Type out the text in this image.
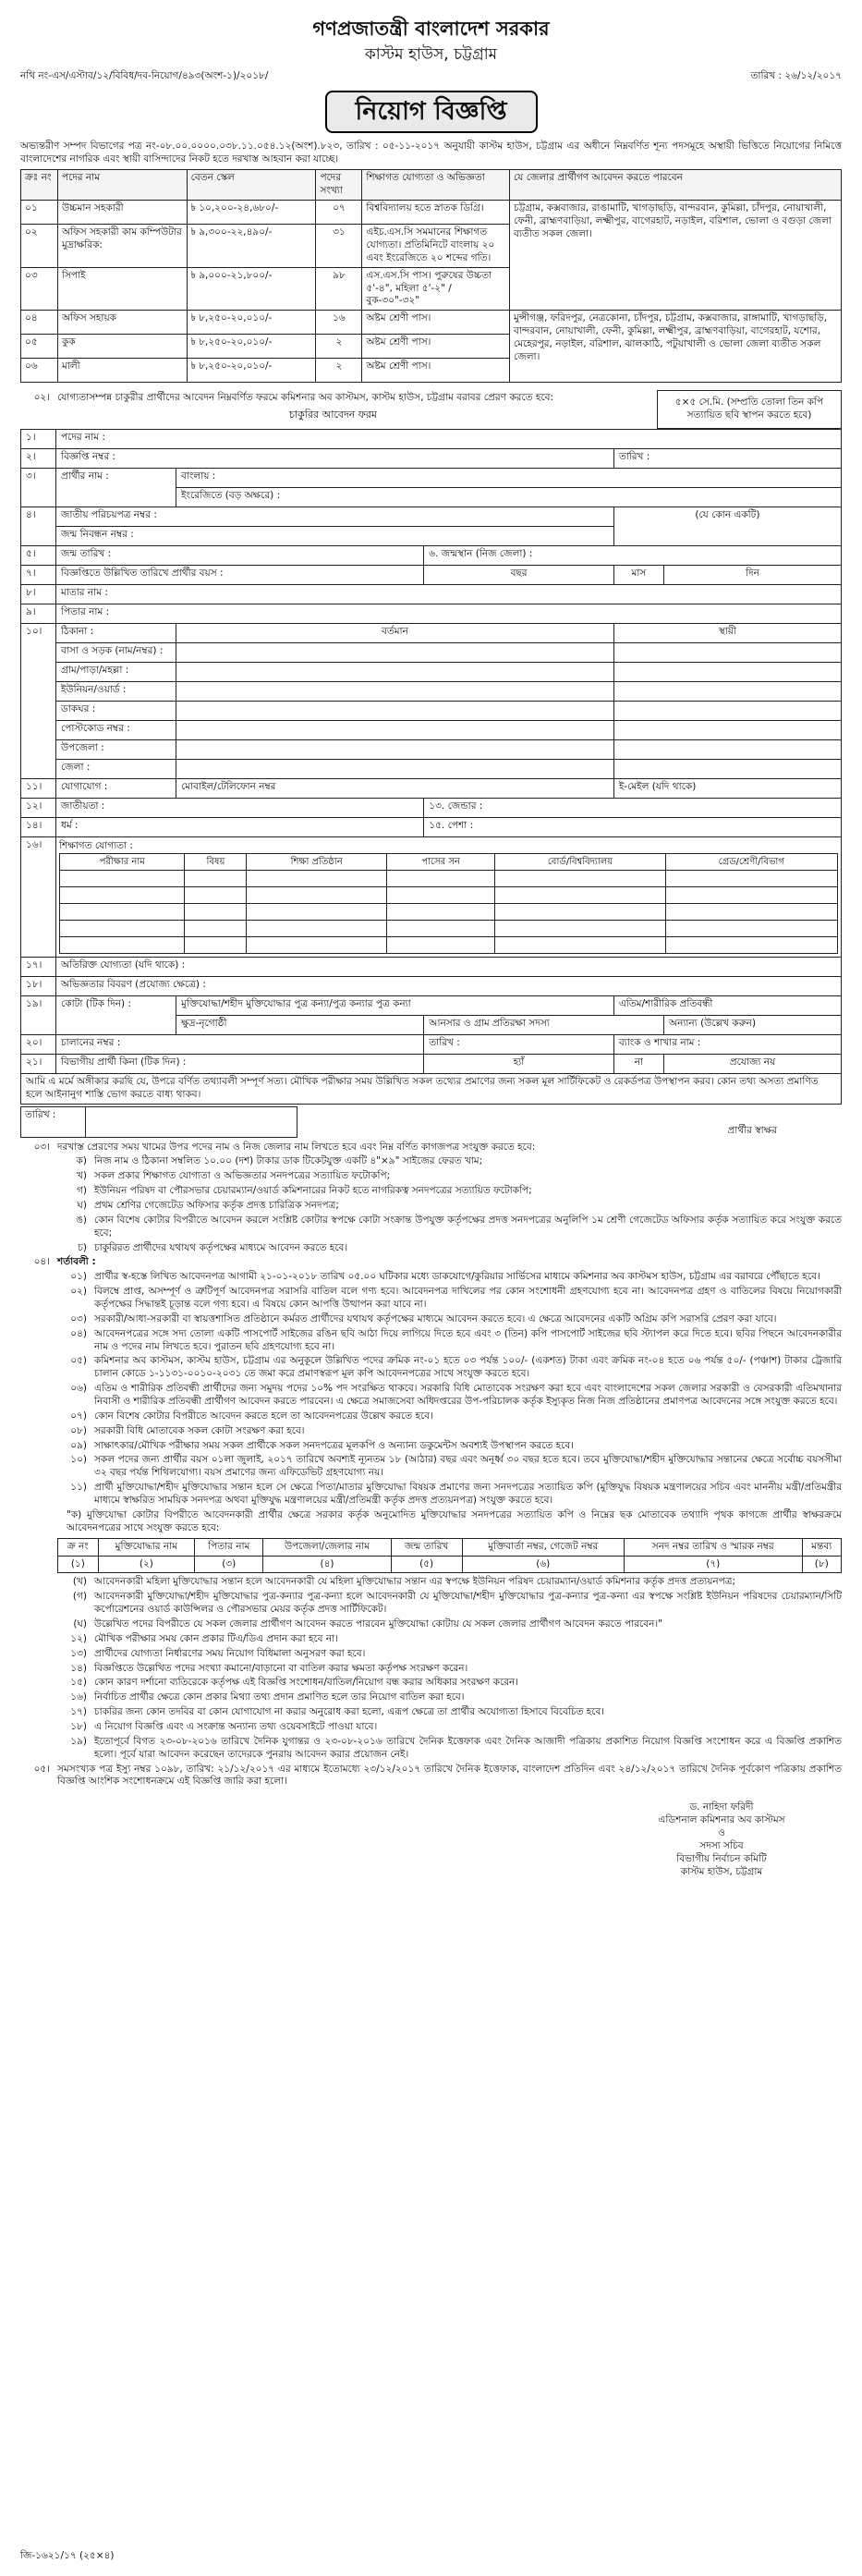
গণপ্রজাতন্ত্রী বাংলাদেশ সরকার
কাস্টম হাউস, চট্টগ্রাম
নথি নং-এস/এস্টাব/১২/বিবিধ/দব-নিয়োগ/৪৯৩(অংশ-১)/২০১৮/	তারিখ : ২৬/১২/২০১৭
নিয়োগ বিজ্ঞপ্তি
অভ্যন্তরীণ সম্পদ বিভাগের পত্র নং-০৮.০০.০০০০.০৩৮.১১.০৫৪.১২(অংশ).৮২৩, তারিখ : ০৫-১১-২০১৭ অনুযায়ী কাস্টম হাউস, চট্টগ্রাম এর অধীনে নিম্নবর্ণিত শূন্য পদসমূহে অস্থায়ী ভিত্তিতে নিয়োগের নিমিত্তে বাংলাদেশের নাগরিক এবং স্থায়ী বাসিন্দাদের নিকট হতে দরখাস্ত আহবান করা যাচ্ছে।
ক্রঃ নং	পদের নাম	বেতন স্কেল	পদের সংখ্যা	শিক্ষাগত যোগ্যতা ও অভিজ্ঞতা	যে জেলার প্রার্থীগণ আবেদন করতে পারবেন
০১	উচ্চমান সহকারী	৳ ১০,২০০-২৪,৬৮০/-	০৭	বিশ্ববিদ্যালয় হতে স্নাতক ডিগ্রি।	চট্টগ্রাম, কক্সবাজার, রাঙামাটি, খাগড়াছড়ি, বান্দরবান, কুমিল্লা, চাঁদপুর, নোয়াখালী, ফেনী, ব্রাহ্মণবাড়িয়া, লক্ষ্মীপুর, বাগেরহাট, নড়াইল, বরিশাল, ভোলা ও বগুড়া জেলা ব্যতীত সকল জেলা।
০২	অফিস সহকারী কাম কম্পিউটার মুদ্রাক্ষরিক:	৳ ৯,৩০০-২২,৪৯০/-	৩১	এইচ.এস.সি সমমানের শিক্ষাগত যোগ্যতা। প্রতিমিনিটে বাংলায় ২০ এবং ইংরেজিতে ২০ শব্দের গতি।	
০৩	সিপাই	৳ ৯,০০০-২১,৮০০/-	৯৮	এস.এস.সি পাস। পুরুষের উচ্চতা ৫'-৪", মহিলা ৫'-২" / বুক-৩০"-৩২"	
০৪	অফিস সহায়ক	৳ ৮,২৫০-২০,০১০/-	১৬	অষ্টম শ্রেণী পাস।	মুন্সীগঞ্জ, ফরিদপুর, নেত্রকোনা, চাঁদপুর, চট্টগ্রাম, কক্সবাজার, রাঙ্গামাটি, খাগড়াছড়ি, বান্দরবান, নোয়াখালী, ফেনী, কুমিল্লা, লক্ষ্মীপুর, ব্রাহ্মণবাড়িয়া, বাগেরহাট, যশোর, মেহেরপুর, নড়াইল, বরিশাল, ঝালকাঠি, পটুয়াখালী ও ভোলা জেলা ব্যতীত সকল জেলা।
০৫	কুক	৳ ৮,২৫০-২০,০১০/-	২	অষ্টম শ্রেণী পাস।	
০৬	মালী	৳ ৮,২৫০-২০,০১০/-	২	অষ্টম শ্রেণী পাস।	
০২। যোগ্যতাসম্পন্ন চাকুরীর প্রার্থীদের আবেদন নিম্নবর্ণিত ফরমে কমিশনার অব কাস্টমস, কাস্টম হাউস, চট্টগ্রাম বরাবর প্রেরণ করতে হবে:
চাকুরির আবেদন ফরম
৫×৫ সে.মি. (সম্প্রতি তোলা তিন কপি সত্যায়িত ছবি স্থাপন করতে হবে)
১।	পদের নাম :
২।	বিজ্ঞপ্তি নম্বর :	তারিখ :
৩।	প্রার্থীর নাম :	বাংলায় :
ইংরেজিতে (বড় অক্ষরে) :
৪।	জাতীয় পরিচয়পত্র নম্বর :	(যে কোন একটি)
জন্ম নিবন্ধন নম্বর :
৫।	জন্ম তারিখ :	৬. জন্মস্থান (নিজ জেলা) :
৭।	বিজ্ঞপ্তিতে উল্লিখিত তারিখে প্রার্থীর বয়স :	বছর	মাস	দিন
৮।	মাতার নাম :
৯।	পিতার নাম :
১০।	ঠিকানা :	বর্তমান	স্থায়ী
বাসা ও সড়ক (নাম/নম্বর) :		
গ্রাম/পাড়া/মহল্লা :		
ইউনিয়ন/ওয়ার্ড :		
ডাকঘর :		
পোস্টকোড নম্বর :		
উপজেলা :		
জেলা :		
১১।	যোগাযোগ :	মোবাইল/টেলিফোন নম্বর	ই-মেইল (যদি থাকে)
১২।	জাতীয়তা :	১৩. জেন্ডার :
১৪।	ধর্ম :	১৫. পেশা :
১৬।	শিক্ষাগত যোগ্যতা :
পরীক্ষার নাম	বিষয়	শিক্ষা প্রতিষ্ঠান	পাসের সন	বোর্ড/বিশ্ববিদ্যালয়	গ্রেড/শ্রেণী/বিভাগ

১৭।	অতিরিক্ত যোগ্যতা (যদি থাকে) :
১৮।	অভিজ্ঞতার বিবরণ (প্রযোজ্য ক্ষেত্রে) :
১৯।	কোটা (টিক দিন) :	মুক্তিযোদ্ধা/শহীদ মুক্তিযোদ্ধার পুত্র কন্যা/পুত্র কন্যার পুত্র কন্যা	এতিম/শারীরিক প্রতিবন্ধী
ক্ষুদ্র-নৃগোষ্ঠী	আনসার ও গ্রাম প্রতিরক্ষা সদস্য	অন্যান্য (উল্লেখ করুন)
২০।	চালানের নম্বর :	তারিখ :	ব্যাংক ও শাখার নাম :
২১।	বিভাগীয় প্রার্থী কিনা (টিক দিন) :	হ্যাঁ	না	প্রযোজ্য নয়
আমি এ মর্মে অঙ্গীকার করছি যে, উপরে বর্ণিত তথ্যাবলী সম্পূর্ণ সত্য। মৌখিক পরীক্ষার সময় উল্লিখিত সকল তথ্যের প্রমাণের জন্য সকল মূল সার্টিফিকেট ও রেকর্ডপত্র উপস্থাপন করব। কোন তথ্য অসত্য প্রমাণিত হলে আইনানুগ শাস্তি ভোগ করতে বাধ্য থাকব।
তারিখ :	
প্রার্থীর স্বাক্ষর
০৩। দরখাস্ত প্রেরণের সময় খামের উপর পদের নাম ও নিজ জেলার নাম লিখতে হবে এবং নিম্ন বর্ণিত কাগজপত্র সংযুক্ত করতে হবে:
ক) নিজ নাম ও ঠিকানা সম্বলিত ১০.০০ (দশ) টাকার ডাক টিকেটযুক্ত একটি ৪"×৯" সাইজের ফেরত খাম;
খ) সকল প্রকার শিক্ষাগত যোগ্যতা ও অভিজ্ঞতার সনদপত্রের সত্যায়িত ফটোকপি;
গ) ইউনিয়ন পরিষদ বা পৌরসভার চেয়ারম্যান/ওয়ার্ড কমিশনারের নিকট হতে নাগরিকত্ব সনদপত্রের সত্যায়িত ফটোকপি;
ঘ) প্রথম শ্রেণির গেজেটেড অফিসার কর্তৃক প্রদত্ত চারিত্রিক সনদপত্র;
ঙ) কোন বিশেষ কোটার বিপরীতে আবেদন করলে সংশ্লিষ্ট কোটার স্বপক্ষে কোটা সংক্রান্ত উপযুক্ত কর্তৃপক্ষের প্রদত্ত সনদপত্রের অনুলিপি ১ম শ্রেণী গেজেটেড অফিসার কর্তৃক সত্যায়িত করে সংযুক্ত করতে হবে;
চ) চাকুরিরত প্রার্থীদের যথাযথ কর্তৃপক্ষের মাধ্যমে আবেদন করতে হবে।
০৪। শর্তাবলী :
০১) প্রার্থীর স্ব-হস্তে লিখিত আবেদনপত্র আগামী ২১-০১-২০১৮ তারিখ ০৫.০০ ঘটিকার মধ্যে ডাকযোগে/কুরিয়ার সার্ভিসের মাধ্যমে কমিশনার অব কাস্টমস হাউস, চট্টগ্রাম এর বরাবরে পৌঁছাতে হবে।
০২) বিলম্বে প্রাপ্ত, অসম্পূর্ণ ও ত্রুটিপূর্ণ আবেদনপত্র সরাসরি বাতিল বলে গণ্য হবে। আবেদনপত্র দাখিলের পর কোন সংশোধনী গ্রহণযোগ্য হবে না। আবেদনপত্র গ্রহণ ও বাতিলের বিষয়ে নিয়োগকারী কর্তৃপক্ষের সিদ্ধান্তই চূড়ান্ত বলে গণ্য হবে। এ বিষয়ে কোন আপত্তি উত্থাপন করা যাবে না।
০৩) সরকারী/আধা-সরকারী বা স্বায়ত্তশাসিত প্রতিষ্ঠানে কর্মরত প্রার্থীদের যথাযথ কর্তৃপক্ষের মাধ্যমে আবেদন করতে হবে। এ ক্ষেত্রে আবেদনের একটি অগ্রিম কপি সরাসরি প্রেরণ করা যাবে।
০৪) আবেদনপত্রের সঙ্গে সদ্য তোলা একটি পাসপোর্ট সাইজের রঙিন ছবি আঠা দিয়ে লাগিয়ে দিতে হবে এবং ৩ (তিন) কপি পাসপোর্ট সাইজের ছবি স্ট্যাপল করে দিতে হবে। ছবির পিছনে আবেদনকারীর নাম ও পদের নাম লিখতে হবে। পুরাতন ছবি গ্রহণযোগ্য হবে না।
০৫) কমিশনার অব কাস্টমস, কাস্টম হাউস, চট্টগ্রাম এর অনুকূলে উল্লিখিত পদের ক্রমিক নং-০১ হতে ০৩ পর্যন্ত ১০০/- (একশত) টাকা এবং ক্রমিক নং-০৪ হতে ০৬ পর্যন্ত ৫০/- (পঞ্চাশ) টাকার ট্রেজারি চালান কোডে ১-১১৩১-০০১০-২০৩১ তে জমা করে প্রমাণস্বরূপ মূল কপি আবেদনপত্রের সাথে সংযুক্ত করতে হবে।
০৬) এতিম ও শারীরিক প্রতিবন্ধী প্রার্থীদের জন্য সমুদয় পদের ১০% পদ সংরক্ষিত থাকবে। সরকারি বিধি মোতাবেক সংরক্ষণ করা হবে এবং বাংলাদেশের সকল জেলার সরকারী ও বেসরকারী এতিমখানার নিবাসী ও শারীরিক প্রতিবন্ধী প্রার্থীগণ আবেদন করতে পারবেন। এ ক্ষেত্রে সমাজসেবা অধিদপ্তরের উপ-পরিচালক কর্তৃক ইস্যুকৃত নিজ নিজ প্রতিষ্ঠানের প্রমাণপত্র আবেদনের সঙ্গে সংযুক্ত করতে হবে।
০৭) কোন বিশেষ কোটার বিপরীতে আবেদন করতে হলে তা আবেদনপত্রের উল্লেখ করতে হবে।
০৮) সরকারী বিধি মোতাবেক সকল কোটা সংরক্ষণ করা হবে।
০৯) সাক্ষাৎকার/মৌখিক পরীক্ষার সময় সকল প্রার্থীকে সকল সনদপত্রের মূলকপি ও অন্যান্য ডকুমেন্টস অবশ্যই উপস্থাপন করতে হবে।
১০) সকল পদের জন্য প্রার্থীর বয়স ০১লা জুলাই, ২০১৭ তারিখে অবশ্যই ন্যূনতম ১৮ (আঠার) বছর এবং অনূর্ধ্ব ৩০ বছর হতে হবে। তবে মুক্তিযোদ্ধা/শহীদ মুক্তিযোদ্ধার সন্তানের ক্ষেত্রে সর্বোচ্চ বয়সসীমা ৩২ বছর পর্যন্ত শিথিলযোগ্য। বয়স প্রমাণের জন্য এফিডেভিট গ্রহণযোগ্য নয়।
১১) প্রার্থী মুক্তিযোদ্ধা/শহীদ মুক্তিযোদ্ধার সন্তান হলে সে ক্ষেত্রে পিতা/মাতার মুক্তিযোদ্ধা বিষয়ক প্রমাণের জন্য সনদপত্রের সত্যায়িত কপি (মুক্তিযুদ্ধ বিষয়ক মন্ত্রণালয়ের সচিব এবং মাননীয় মন্ত্রী/প্রতিমন্ত্রীর মাধ্যমে স্বাক্ষরিত সাময়িক সনদপত্র অথবা মুক্তিযুদ্ধ মন্ত্রণালয়ের মন্ত্রী/প্রতিমন্ত্রী কর্তৃক প্রদত্ত প্রত্যয়নপত্র) সংযুক্ত করতে হবে।
"ক) মুক্তিযোদ্ধা কোটার বিপরীতে আবেদনকারী প্রার্থীর ক্ষেত্রে সরকার কর্তৃক অনুমোদিত মুক্তিযোদ্ধার সনদপত্রের সত্যায়িত কপি ও নিম্নের ছক মোতাবেক তথ্যাদি পৃথক কাগজে প্রার্থীর স্বাক্ষরক্রমে আবেদনপত্রের সাথে সংযুক্ত করতে হবে:
ক্র নং	মুক্তিযোদ্ধার নাম	পিতার নাম	উপজেলা/জেলার নাম	জন্ম তারিখ	মুক্তিবার্তা নম্বর, গেজেট নম্বর	সনদ নম্বর তারিখ ও স্মারক নম্বর	মন্তব্য
(১)	(২)	(৩)	(৪)	(৫)	(৬)	(৭)	(৮)
(খ) আবেদনকারী মহিলা মুক্তিযোদ্ধার সন্তান হলে আবেদনকারী যে মহিলা মুক্তিযোদ্ধার সন্তান এর স্বপক্ষে ইউনিয়ন পরিষদ চেয়ারম্যান/ওয়ার্ড কমিশনার কর্তৃক প্রদত্ত প্রত্যয়নপত্র;
(গ) আবেদনকারী মুক্তিযোদ্ধা/শহীদ মুক্তিযোদ্ধার পুত্র-কন্যার পুত্র-কন্যা হলে আবেদনকারী যে মুক্তিযোদ্ধা/শহীদ মুক্তিযোদ্ধার পুত্র-কন্যার পুত্র-কন্যা এর স্বপক্ষে সংশ্লিষ্ট ইউনিয়ন পরিষদের চেয়ারম্যান/সিটি কর্পোরেশনের ওয়ার্ড কাউন্সিলর ও পৌরসভার মেয়র কর্তৃক প্রদত্ত সার্টিফিকেট।
(ঘ) উল্লেখিত পদের বিপরীতে যে সকল জেলার প্রার্থীগণ আবেদন করতে পারবেন মুক্তিযোদ্ধা কোটায় যে সকল জেলার প্রার্থীগণ আবেদন করতে পারবেন।"
১২) মৌখিক পরীক্ষার সময় কোন প্রকার টিএ/ডিএ প্রদান করা হবে না।
১৩) প্রার্থীদের যোগ্যতা নির্ধারণের সময় নিয়োগ বিধিমালা অনুসরণ করা হবে।
১৪) বিজ্ঞপ্তিতে উল্লেখিত পদের সংখ্যা কমানো/বাড়ানো বা বাতিল করার ক্ষমতা কর্তৃপক্ষ সংরক্ষণ করেন।
১৫) কোন কারণ দর্শানো ব্যতিরেকে কর্তৃপক্ষ এই বিজ্ঞপ্তি সংশোধন/বাতিল/নিয়োগ বন্ধ করার অধিকার সংরক্ষণ করেন।
১৬) নির্বাচিত প্রার্থীর ক্ষেত্রে কোন প্রকার মিথ্যা তথ্য প্রদান প্রমাণিত হলে তার নিয়োগ বাতিল করা হবে।
১৭) চাকরির জন্য কোন তদবির বা কোন যোগাযোগ না করার অনুরোধ করা হলো, এরূপ ক্ষেত্রে তা প্রার্থীর অযোগ্যতা হিসাবে বিবেচিত হবে।
১৮) এ নিয়োগ বিজ্ঞপ্তি এবং এ সংক্রান্ত অন্যান্য তথ্য ওয়েবসাইটে পাওয়া যাবে।
১৯) ইতোপূর্বে বিগত ২৩-০৮-২০১৬ তারিখে দৈনিক যুগান্তর ও ২৩-০৮-২০১৬ তারিখে দৈনিক ইত্তেফাক এবং দৈনিক আজাদী পত্রিকায় প্রকাশিত নিয়োগ বিজ্ঞপ্তি সংশোধন করে এ বিজ্ঞপ্তি প্রকাশিত হলো। পূর্বে যারা আবেদন করেছেন তাদেরকে পুনরায় আবেদন করার প্রয়োজন নেই।
০৫। সমসংখ্যক পত্র ইস্যু নম্বর ১০৯৮, তারিখ: ২১/১২/২০১৭ এর মাধ্যমে ইতোমধ্যে ২৩/১২/২০১৭ তারিখে দৈনিক ইত্তেফাক, বাংলাদেশ প্রতিদিন এবং ২৪/১২/২০১৭ তারিখে দৈনিক পূর্বকোণ পত্রিকায় প্রকাশিত বিজ্ঞপ্তি আংশিক সংশোধনক্রমে এই বিজ্ঞপ্তি জারি করা হলো।
ড. নাহিদা ফরিদী
এডিশনাল কমিশনার অব কাস্টমস
ও
সদস্য সচিব
বিভাগীয় নির্বাচন কমিটি
কাস্টম হাউস, চট্টগ্রাম
জি-১৬২১/১৭ (২৫×৪)
